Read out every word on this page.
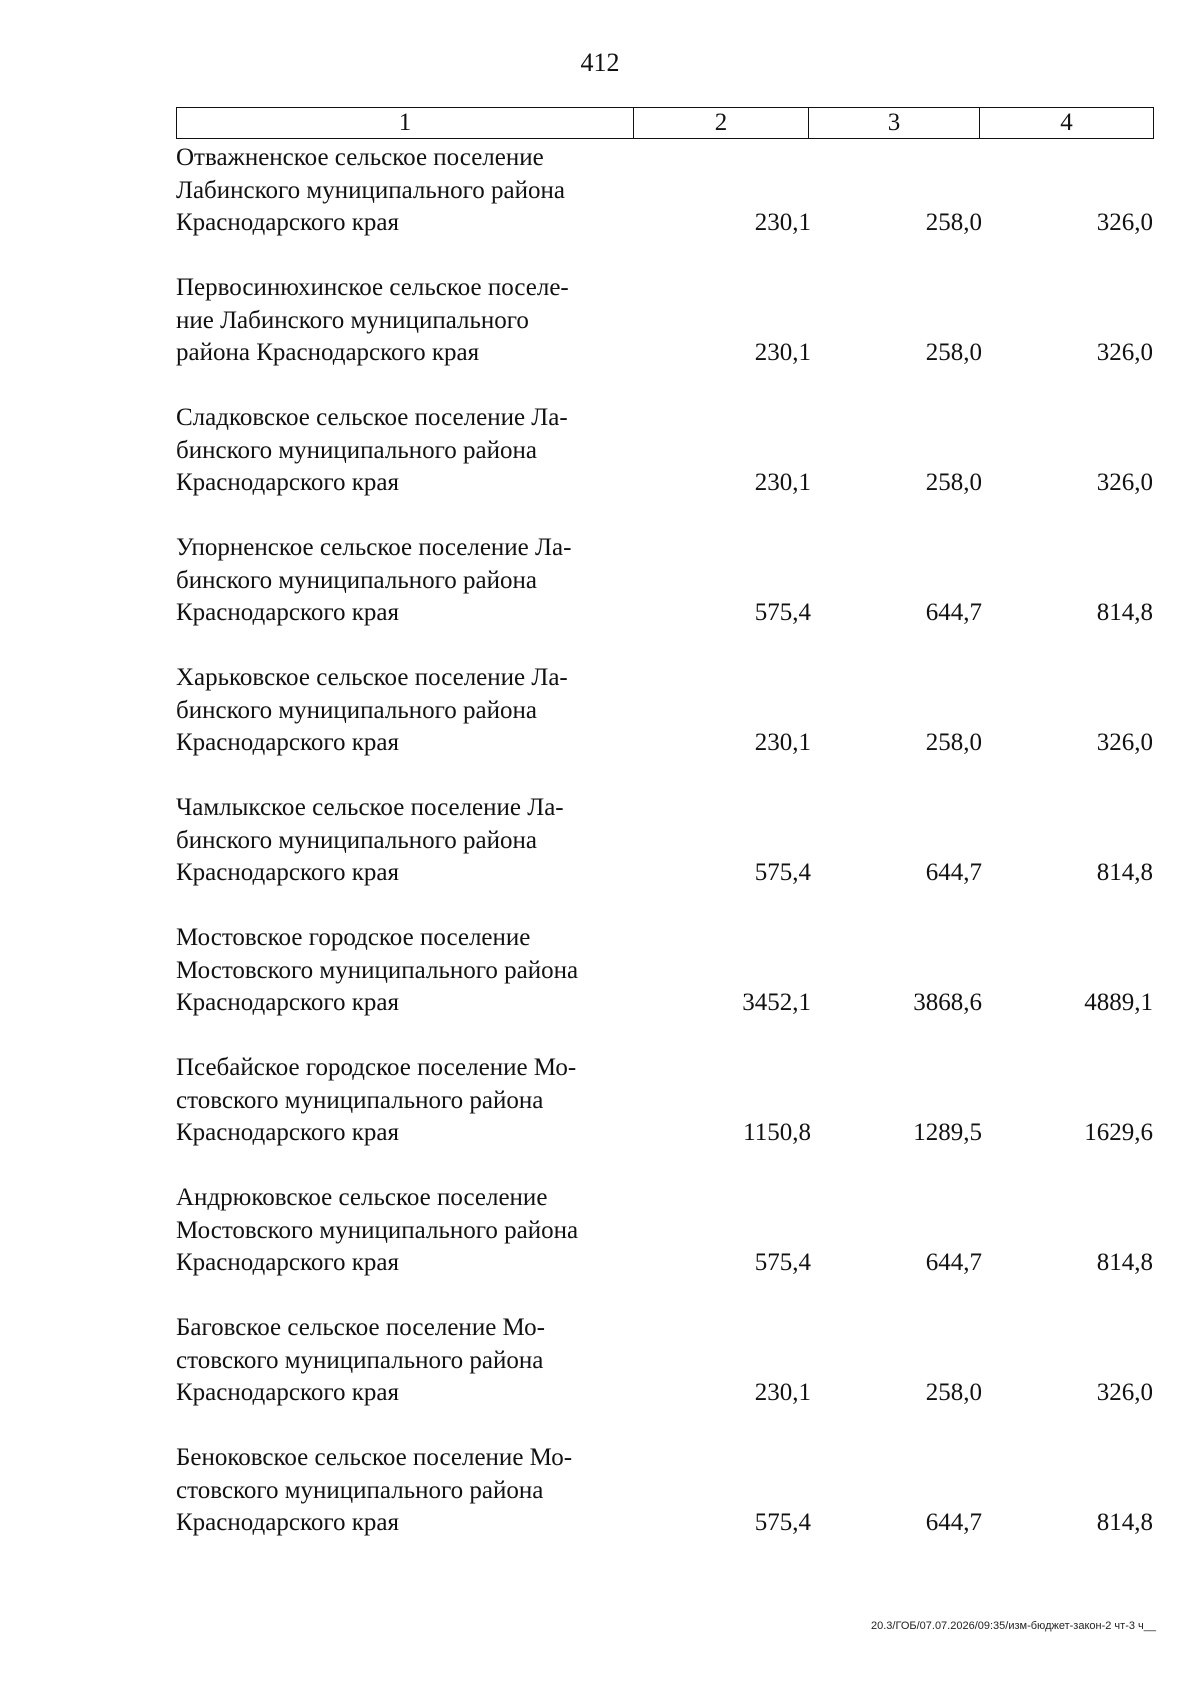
412
1	2	3	4
Отважненское сельское поселение
Лабинского муниципального района
Краснодарского края	230,1	258,0	326,0
Первосинюхинское сельское поселе-
ние Лабинского муниципального
района Краснодарского края	230,1	258,0	326,0
Сладковское сельское поселение Ла-
бинского муниципального района
Краснодарского края	230,1	258,0	326,0
Упорненское сельское поселение Ла-
бинского муниципального района
Краснодарского края	575,4	644,7	814,8
Харьковское сельское поселение Ла-
бинского муниципального района
Краснодарского края	230,1	258,0	326,0
Чамлыкское сельское поселение Ла-
бинского муниципального района
Краснодарского края	575,4	644,7	814,8
Мостовское городское поселение
Мостовского муниципального района
Краснодарского края	3452,1	3868,6	4889,1
Псебайское городское поселение Мо-
стовского муниципального района
Краснодарского края	1150,8	1289,5	1629,6
Андрюковское сельское поселение
Мостовского муниципального района
Краснодарского края	575,4	644,7	814,8
Баговское сельское поселение Мо-
стовского муниципального района
Краснодарского края	230,1	258,0	326,0
Беноковское сельское поселение Мо-
стовского муниципального района
Краснодарского края	575,4	644,7	814,8
20.3/ГОБ/07.07.2026/09:35/изм-бюджет-закон-2 чт-3 ч__
